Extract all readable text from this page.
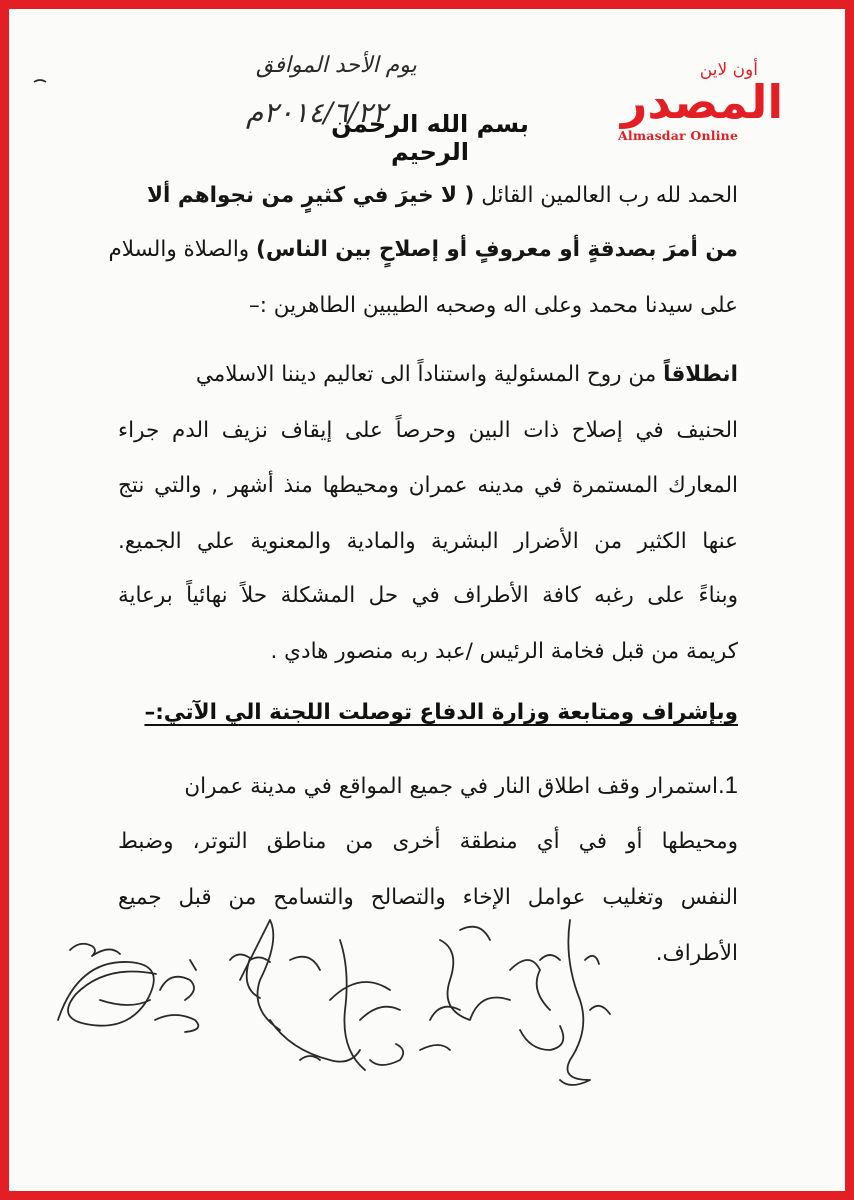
أون لاين
المصدر
Almasdar Online
يوم الأحد الموافق
٢٠١٤/٦/٢٢م
بسم الله الرحمن الرحيم
الحمد لله رب العالمين القائل ( لا خيرَ في كثيرٍ من نجواهم ألا
من أمرَ بصدقةٍ أو معروفٍ أو إصلاحٍ بين الناس) والصلاة والسلام
على سيدنا محمد وعلى اله وصحبه الطيبين الطاهرين :–
انطلاقاً من روح المسئولية واستناداً الى تعاليم ديننا الاسلامي
الحنيف في إصلاح ذات البين وحرصاً على إيقاف نزيف الدم جراء
المعارك المستمرة في مدينه عمران ومحيطها منذ أشهر , والتي نتج
عنها الكثير من الأضرار البشرية والمادية والمعنوية علي الجميع.
وبناءً على رغبه كافة الأطراف في حل المشكلة حلاً نهائياً برعاية
كريمة من قبل فخامة الرئيس /عبد ربه منصور هادي .
وبإشراف ومتابعة وزارة الدفاع توصلت اللجنة الي الآتي:–
1.استمرار وقف اطلاق النار في جميع المواقع في مدينة عمران
ومحيطها أو في أي منطقة أخرى من مناطق التوتر، وضبط
النفس وتغليب عوامل الإخاء والتصالح والتسامح من قبل جميع
الأطراف.
